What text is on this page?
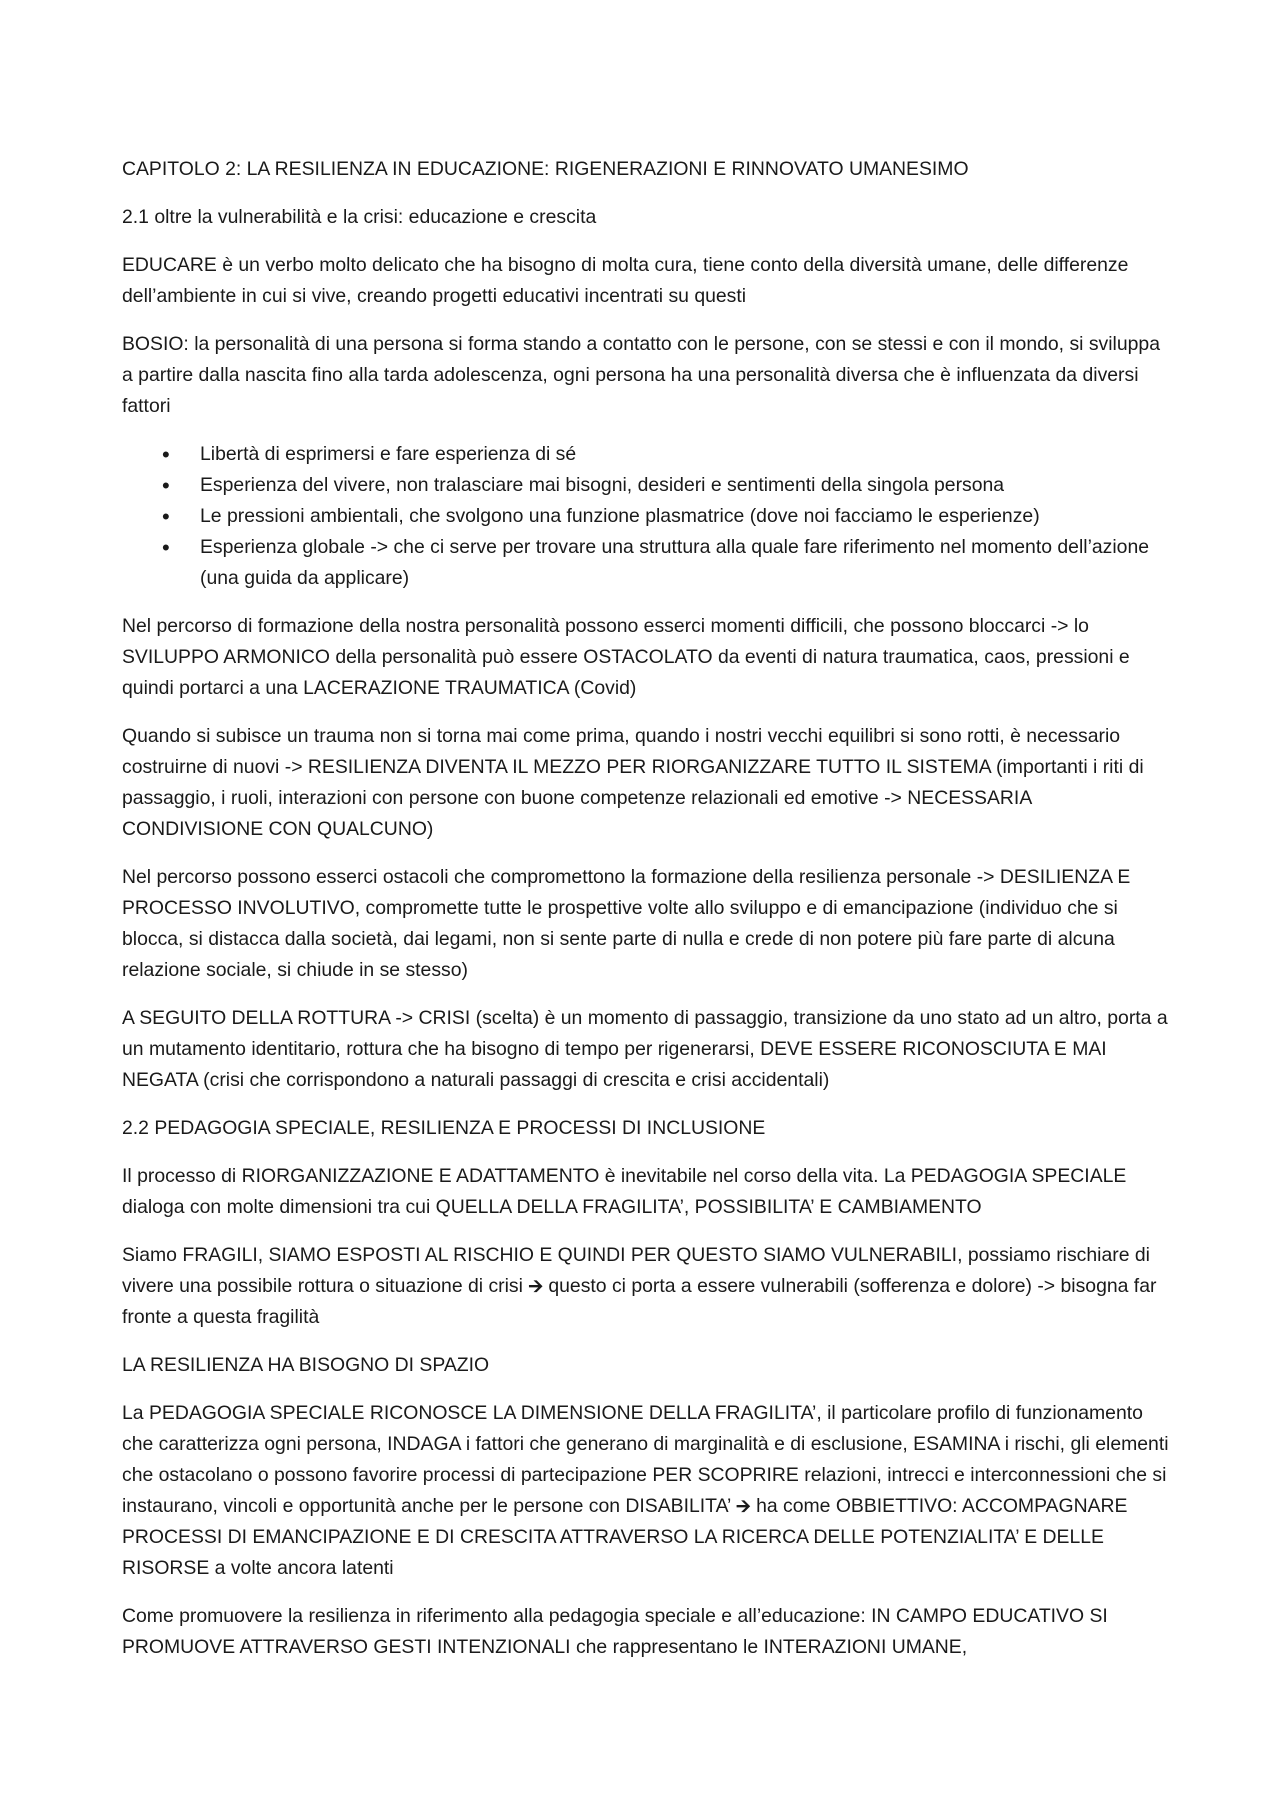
CAPITOLO 2: LA RESILIENZA IN EDUCAZIONE: RIGENERAZIONI E RINNOVATO UMANESIMO

2.1 oltre la vulnerabilità e la crisi: educazione e crescita

EDUCARE è un verbo molto delicato che ha bisogno di molta cura, tiene conto della diversità umane, delle differenze dell’ambiente in cui si vive, creando progetti educativi incentrati su questi

BOSIO: la personalità di una persona si forma stando a contatto con le persone, con se stessi e con il mondo, si sviluppa a partire dalla nascita fino alla tarda adolescenza, ogni persona ha una personalità diversa che è influenzata da diversi fattori

• Libertà di esprimersi e fare esperienza di sé
• Esperienza del vivere, non tralasciare mai bisogni, desideri e sentimenti della singola persona
• Le pressioni ambientali, che svolgono una funzione plasmatrice (dove noi facciamo le esperienze)
• Esperienza globale -> che ci serve per trovare una struttura alla quale fare riferimento nel momento dell’azione (una guida da applicare)

Nel percorso di formazione della nostra personalità possono esserci momenti difficili, che possono bloccarci -> lo SVILUPPO ARMONICO della personalità può essere OSTACOLATO da eventi di natura traumatica, caos, pressioni e quindi portarci a una LACERAZIONE TRAUMATICA (Covid)

Quando si subisce un trauma non si torna mai come prima, quando i nostri vecchi equilibri si sono rotti, è necessario costruirne di nuovi -> RESILIENZA DIVENTA IL MEZZO PER RIORGANIZZARE TUTTO IL SISTEMA (importanti i riti di passaggio, i ruoli, interazioni con persone con buone competenze relazionali ed emotive -> NECESSARIA CONDIVISIONE CON QUALCUNO)

Nel percorso possono esserci ostacoli che compromettono la formazione della resilienza personale -> DESILIENZA E PROCESSO INVOLUTIVO, compromette tutte le prospettive volte allo sviluppo e di emancipazione (individuo che si blocca, si distacca dalla società, dai legami, non si sente parte di nulla e crede di non potere più fare parte di alcuna relazione sociale, si chiude in se stesso)

A SEGUITO DELLA ROTTURA -> CRISI (scelta) è un momento di passaggio, transizione da uno stato ad un altro, porta a un mutamento identitario, rottura che ha bisogno di tempo per rigenerarsi, DEVE ESSERE RICONOSCIUTA E MAI NEGATA (crisi che corrispondono a naturali passaggi di crescita e crisi accidentali)

2.2 PEDAGOGIA SPECIALE, RESILIENZA E PROCESSI DI INCLUSIONE

Il processo di RIORGANIZZAZIONE E ADATTAMENTO è inevitabile nel corso della vita. La PEDAGOGIA SPECIALE dialoga con molte dimensioni tra cui QUELLA DELLA FRAGILITA’, POSSIBILITA’ E CAMBIAMENTO

Siamo FRAGILI, SIAMO ESPOSTI AL RISCHIO E QUINDI PER QUESTO SIAMO VULNERABILI, possiamo rischiare di vivere una possibile rottura o situazione di crisi 🡪 questo ci porta a essere vulnerabili (sofferenza e dolore) -> bisogna far fronte a questa fragilità

LA RESILIENZA HA BISOGNO DI SPAZIO

La PEDAGOGIA SPECIALE RICONOSCE LA DIMENSIONE DELLA FRAGILITA’, il particolare profilo di funzionamento che caratterizza ogni persona, INDAGA i fattori che generano di marginalità e di esclusione, ESAMINA i rischi, gli elementi che ostacolano o possono favorire processi di partecipazione PER SCOPRIRE relazioni, intrecci e interconnessioni che si instaurano, vincoli e opportunità anche per le persone con DISABILITA’ 🡪 ha come OBBIETTIVO: ACCOMPAGNARE PROCESSI DI EMANCIPAZIONE E DI CRESCITA ATTRAVERSO LA RICERCA DELLE POTENZIALITA’ E DELLE RISORSE a volte ancora latenti

Come promuovere la resilienza in riferimento alla pedagogia speciale e all’educazione: IN CAMPO EDUCATIVO SI PROMUOVE ATTRAVERSO GESTI INTENZIONALI che rappresentano le INTERAZIONI UMANE,
